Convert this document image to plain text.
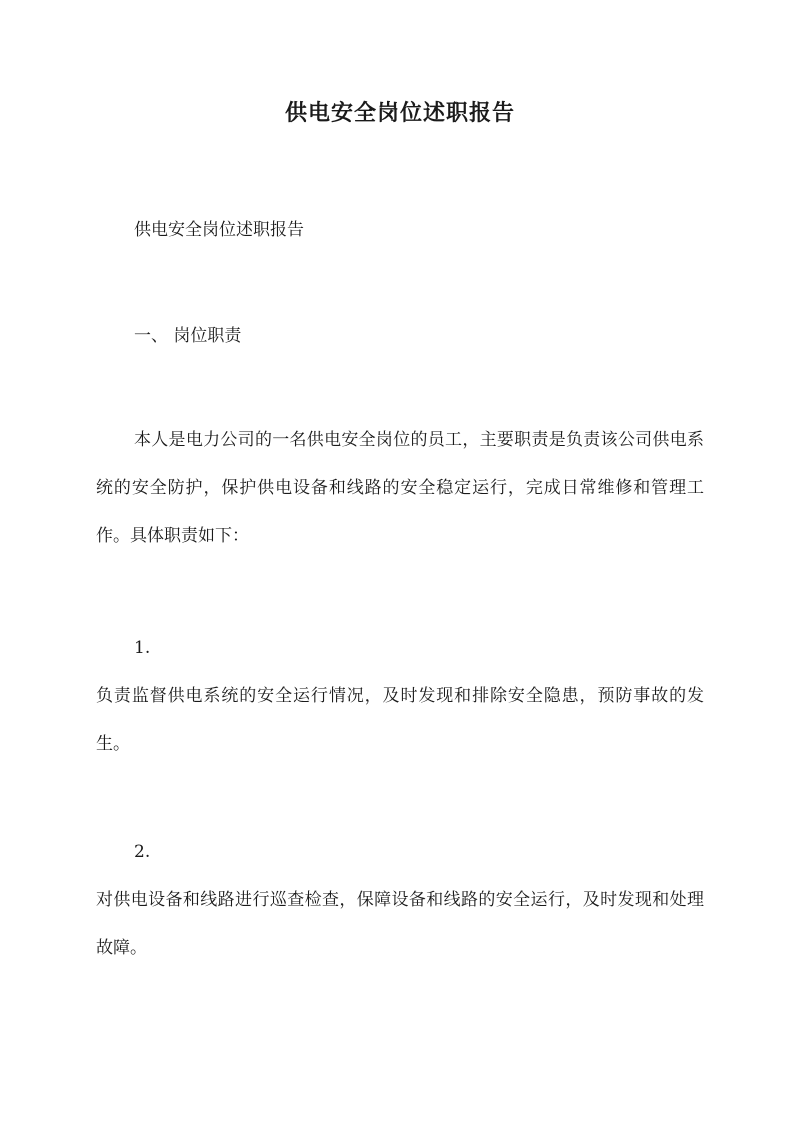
供电安全岗位述职报告

供电安全岗位述职报告

一、 岗位职责

本人是电力公司的一名供电安全岗位的员工，主要职责是负责该公司供电系统的安全防护，保护供电设备和线路的安全稳定运行，完成日常维修和管理工作。具体职责如下：

1.

负责监督供电系统的安全运行情况，及时发现和排除安全隐患，预防事故的发生。

2.

对供电设备和线路进行巡查检查，保障设备和线路的安全运行，及时发现和处理故障。
